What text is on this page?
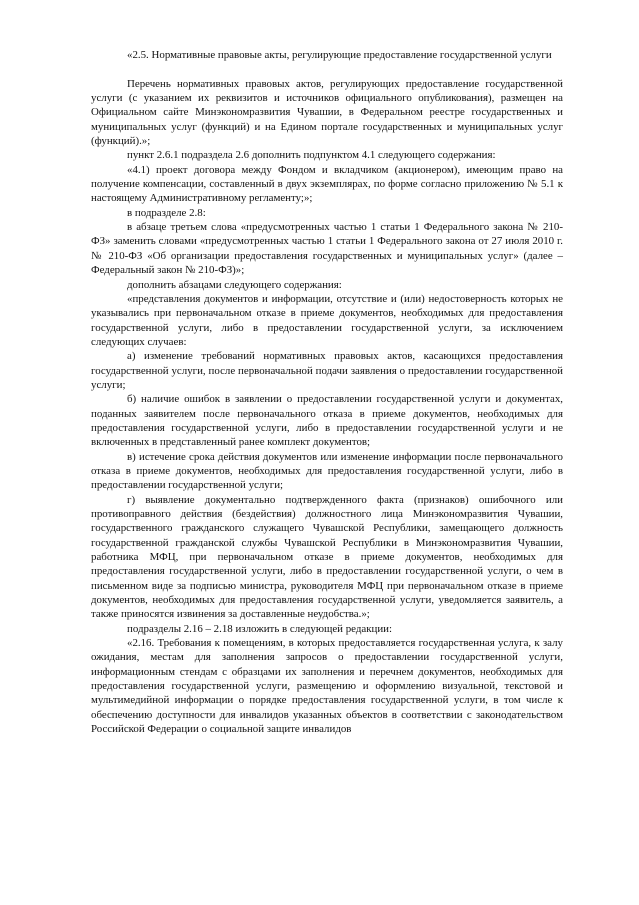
«2.5. Нормативные правовые акты, регулирующие предоставление государственной услуги

Перечень нормативных правовых актов, регулирующих предоставление государственной услуги (с указанием их реквизитов и источников официального опубликования), размещен на Официальном сайте Минэкономразвития Чувашии, в Федеральном реестре государственных и муниципальных услуг (функций) и на Едином портале государственных и муниципальных услуг (функций).»;

пункт 2.6.1 подраздела 2.6 дополнить подпунктом 4.1 следующего содержания:

«4.1) проект договора между Фондом и вкладчиком (акционером), имеющим право на получение компенсации, составленный в двух экземплярах, по форме согласно приложению № 5.1 к настоящему Административному регламенту;»;

в подразделе 2.8:

в абзаце третьем слова «предусмотренных частью 1 статьи 1 Федерального закона № 210-ФЗ» заменить словами «предусмотренных частью 1 статьи 1 Федерального закона от 27 июля 2010 г. № 210-ФЗ «Об организации предоставления государственных и муниципальных услуг» (далее – Федеральный закон № 210-ФЗ)»;

дополнить абзацами следующего содержания:

«представления документов и информации, отсутствие и (или) недостоверность которых не указывались при первоначальном отказе в приеме документов, необходимых для предоставления государственной услуги, либо в предоставлении государственной услуги, за исключением следующих случаев:

а) изменение требований нормативных правовых актов, касающихся предоставления государственной услуги, после первоначальной подачи заявления о предоставлении государственной услуги;

б) наличие ошибок в заявлении о предоставлении государственной услуги и документах, поданных заявителем после первоначального отказа в приеме документов, необходимых для предоставления государственной услуги, либо в предоставлении государственной услуги и не включенных в представленный ранее комплект документов;

в) истечение срока действия документов или изменение информации после первоначального отказа в приеме документов, необходимых для предоставления государственной услуги, либо в предоставлении государственной услуги;

г) выявление документально подтвержденного факта (признаков) ошибочного или противоправного действия (бездействия) должностного лица Минэкономразвития Чувашии, государственного гражданского служащего Чувашской Республики, замещающего должность государственной гражданской службы Чувашской Республики в Минэкономразвития Чувашии, работника МФЦ, при первоначальном отказе в приеме документов, необходимых для предоставления государственной услуги, либо в предоставлении государственной услуги, о чем в письменном виде за подписью министра, руководителя МФЦ при первоначальном отказе в приеме документов, необходимых для предоставления государственной услуги, уведомляется заявитель, а также приносятся извинения за доставленные неудобства.»;

подразделы 2.16 – 2.18 изложить в следующей редакции:

«2.16. Требования к помещениям, в которых предоставляется государственная услуга, к залу ожидания, местам для заполнения запросов о предоставлении государственной услуги, информационным стендам с образцами их заполнения и перечнем документов, необходимых для предоставления государственной услуги, размещению и оформлению визуальной, текстовой и мультимедийной информации о порядке предоставления государственной услуги, в том числе к обеспечению доступности для инвалидов указанных объектов в соответствии с законодательством Российской Федерации о социальной защите инвалидов
